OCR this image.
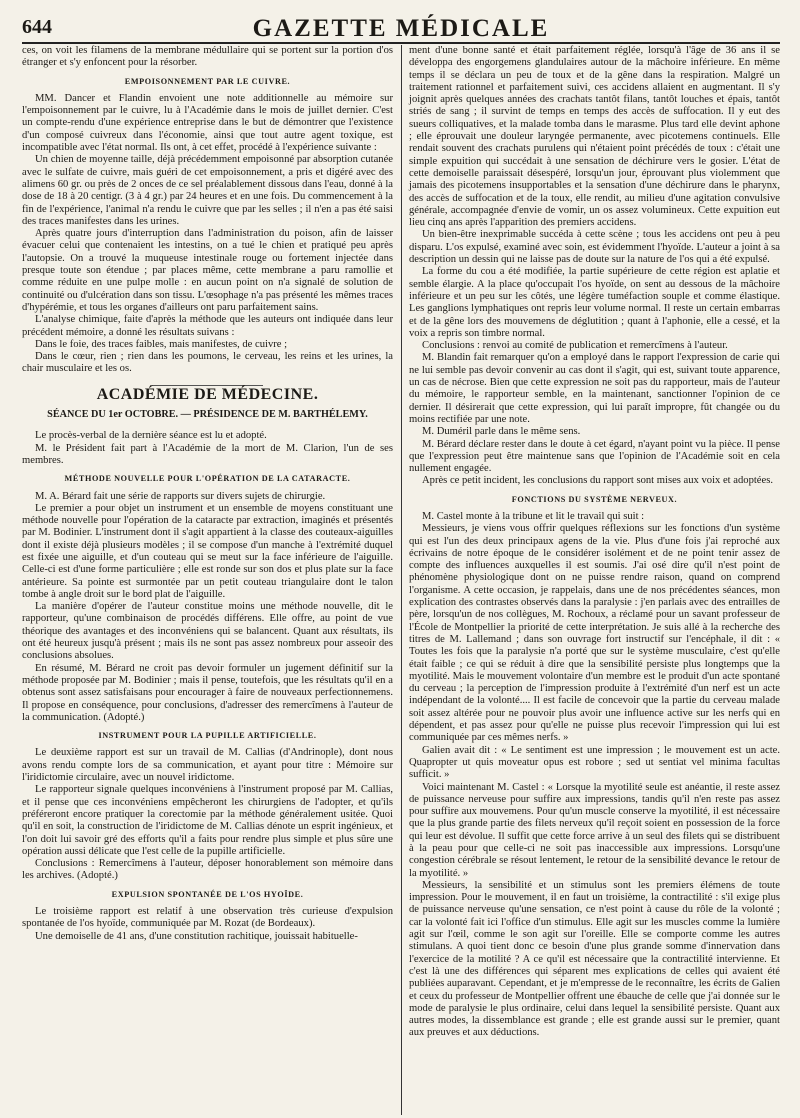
644	GAZETTE MÉDICALE

ces, on voit les filamens de la membrane médullaire qui se portent sur la portion d'os étranger et s'y enfoncent pour la résorber.

EMPOISONNEMENT PAR LE CUIVRE.

MM. Dancer et Flandin envoient une note additionnelle au mémoire sur l'empoisonnement par le cuivre, lu à l'Académie dans le mois de juillet dernier. C'est un compte-rendu d'une expérience entreprise dans le but de démontrer que l'existence d'un composé cuivreux dans l'économie, ainsi que tout autre agent toxique, est incompatible avec l'état normal. Ils ont, à cet effet, procédé à l'expérience suivante :

Un chien de moyenne taille, déjà précédemment empoisonné par absorption cutanée avec le sulfate de cuivre, mais guéri de cet empoisonnement, a pris et digéré avec des alimens 60 gr. ou près de 2 onces de ce sel préalablement dissous dans l'eau, donné à la dose de 18 à 20 centigr. (3 à 4 gr.) par 24 heures et en une fois. Du commencement à la fin de l'expérience, l'animal n'a rendu le cuivre que par les selles ; il n'en a pas été saisi des traces manifestes dans les urines.

Après quatre jours d'interruption dans l'administration du poison, afin de laisser évacuer celui que contenaient les intestins, on a tué le chien et pratiqué peu après l'autopsie. On a trouvé la muqueuse intestinale rouge ou fortement injectée dans presque toute son étendue ; par places même, cette membrane a paru ramollie et comme réduite en une pulpe molle : en aucun point on n'a signalé de solution de continuité ou d'ulcération dans son tissu. L'œsophage n'a pas présenté les mêmes traces d'hypérémie, et tous les organes d'ailleurs ont paru parfaitement sains.

L'analyse chimique, faite d'après la méthode que les auteurs ont indiquée dans leur précédent mémoire, a donné les résultats suivans :

Dans le foie, des traces faibles, mais manifestes, de cuivre ;

Dans le cœur, rien ; rien dans les poumons, le cerveau, les reins et les urines, la chair musculaire et les os.

ACADÉMIE DE MÉDECINE.
SÉANCE DU 1er OCTOBRE. — PRÉSIDENCE DE M. BARTHÉLEMY.

Le procès-verbal de la dernière séance est lu et adopté.

M. le Président fait part à l'Académie de la mort de M. Clarion, l'un de ses membres.

MÉTHODE NOUVELLE POUR L'OPÉRATION DE LA CATARACTE.

M. A. Bérard fait une série de rapports sur divers sujets de chirurgie.

Le premier a pour objet un instrument et un ensemble de moyens constituant une méthode nouvelle pour l'opération de la cataracte par extraction, imaginés et présentés par M. Bodinier. L'instrument dont il s'agit appartient à la classe des couteaux-aiguilles dont il existe déjà plusieurs modèles ; il se compose d'un manche à l'extrémité duquel est fixée une aiguille, et d'un couteau qui se meut sur la face inférieure de l'aiguille. Celle-ci est d'une forme particulière ; elle est ronde sur son dos et plus plate sur la face antérieure. Sa pointe est surmontée par un petit couteau triangulaire dont le talon tombe à angle droit sur le bord plat de l'aiguille.

La manière d'opérer de l'auteur constitue moins une méthode nouvelle, dit le rapporteur, qu'une combinaison de procédés différens. Elle offre, au point de vue théorique des avantages et des inconvéniens qui se balancent. Quant aux résultats, ils ont été heureux jusqu'à présent ; mais ils ne sont pas assez nombreux pour asseoir des conclusions absolues.

En résumé, M. Bérard ne croit pas devoir formuler un jugement définitif sur la méthode proposée par M. Bodinier ; mais il pense, toutefois, que les résultats qu'il en a obtenus sont assez satisfaisans pour encourager à faire de nouveaux perfectionnemens. Il propose en conséquence, pour conclusions, d'adresser des remercîmens à l'auteur de la communication. (Adopté.)

INSTRUMENT POUR LA PUPILLE ARTIFICIELLE.

Le deuxième rapport est sur un travail de M. Callias (d'Andrinople), dont nous avons rendu compte lors de sa communication, et ayant pour titre : Mémoire sur l'iridictomie circulaire, avec un nouvel iridictome.

Le rapporteur signale quelques inconvéniens à l'instrument proposé par M. Callias, et il pense que ces inconvéniens empêcheront les chirurgiens de l'adopter, et qu'ils préféreront encore pratiquer la corectomie par la méthode généralement usitée. Quoi qu'il en soit, la construction de l'iridictome de M. Callias dénote un esprit ingénieux, et l'on doit lui savoir gré des efforts qu'il a faits pour rendre plus simple et plus sûre une opération aussi délicate que l'est celle de la pupille artificielle.

Conclusions : Remercîmens à l'auteur, déposer honorablement son mémoire dans les archives. (Adopté.)

EXPULSION SPONTANÉE DE L'OS HYOÏDE.

Le troisième rapport est relatif à une observation très curieuse d'expulsion spontanée de l'os hyoïde, communiquée par M. Rozat (de Bordeaux).

Une demoiselle de 41 ans, d'une constitution rachitique, jouissait habituelle-

ment d'une bonne santé et était parfaitement réglée, lorsqu'à l'âge de 36 ans il se développa des engorgemens glandulaires autour de la mâchoire inférieure. En même temps il se déclara un peu de toux et de la gêne dans la respiration. Malgré un traitement rationnel et parfaitement suivi, ces accidens allaient en augmentant. Il s'y joignit après quelques années des crachats tantôt filans, tantôt louches et épais, tantôt striés de sang ; il survint de temps en temps des accès de suffocation. Il y eut des sueurs colliquatives, et la malade tomba dans le marasme. Plus tard elle devint aphone ; elle éprouvait une douleur laryngée permanente, avec picotemens continuels. Elle rendait souvent des crachats purulens qui n'étaient point précédés de toux : c'était une simple expuition qui succédait à une sensation de déchirure vers le gosier. L'état de cette demoiselle paraissait désespéré, lorsqu'un jour, éprouvant plus violemment que jamais des picotemens insupportables et la sensation d'une déchirure dans le pharynx, des accès de suffocation et de la toux, elle rendit, au milieu d'une agitation convulsive générale, accompagnée d'envie de vomir, un os assez volumineux. Cette expuition eut lieu cinq ans après l'apparition des premiers accidens.

Un bien-être inexprimable succéda à cette scène ; tous les accidens ont peu à peu disparu. L'os expulsé, examiné avec soin, est évidemment l'hyoïde. L'auteur a joint à sa description un dessin qui ne laisse pas de doute sur la nature de l'os qui a été expulsé.

La forme du cou a été modifiée, la partie supérieure de cette région est aplatie et semble élargie. A la place qu'occupait l'os hyoïde, on sent au dessous de la mâchoire inférieure et un peu sur les côtés, une légère tuméfaction souple et comme élastique. Les ganglions lymphatiques ont repris leur volume normal. Il reste un certain embarras et de la gêne lors des mouvemens de déglutition ; quant à l'aphonie, elle a cessé, et la voix a repris son timbre normal.

Conclusions : renvoi au comité de publication et remercîmens à l'auteur.

M. Blandin fait remarquer qu'on a employé dans le rapport l'expression de carie qui ne lui semble pas devoir convenir au cas dont il s'agit, qui est, suivant toute apparence, un cas de nécrose. Bien que cette expression ne soit pas du rapporteur, mais de l'auteur du mémoire, le rapporteur semble, en la maintenant, sanctionner l'opinion de ce dernier. Il désirerait que cette expression, qui lui paraît impropre, fût changée ou du moins rectifiée par une note.

M. Duméril parle dans le même sens.

M. Bérard déclare rester dans le doute à cet égard, n'ayant point vu la pièce. Il pense que l'expression peut être maintenue sans que l'opinion de l'Académie soit en cela nullement engagée.

Après ce petit incident, les conclusions du rapport sont mises aux voix et adoptées.

FONCTIONS DU SYSTÈME NERVEUX.

M. Castel monte à la tribune et lit le travail qui suit :

Messieurs, je viens vous offrir quelques réflexions sur les fonctions d'un système qui est l'un des deux principaux agens de la vie. Plus d'une fois j'ai reproché aux écrivains de notre époque de le considérer isolément et de ne point tenir assez de compte des influences auxquelles il est soumis. J'ai osé dire qu'il n'est point de phénomène physiologique dont on ne puisse rendre raison, quand on comprend l'organisme. A cette occasion, je rappelais, dans une de nos précédentes séances, mon explication des contrastes observés dans la paralysie : j'en parlais avec des entrailles de père, lorsqu'un de nos collègues, M. Rochoux, a réclamé pour un savant professeur de l'École de Montpellier la priorité de cette interprétation. Je suis allé à la recherche des titres de M. Lallemand ; dans son ouvrage fort instructif sur l'encéphale, il dit : « Toutes les fois que la paralysie n'a porté que sur le système musculaire, c'est qu'elle était faible ; ce qui se réduit à dire que la sensibilité persiste plus longtemps que la myotilité. Mais le mouvement volontaire d'un membre est le produit d'un acte spontané du cerveau ; la perception de l'impression produite à l'extrémité d'un nerf est un acte indépendant de la volonté.... Il est facile de concevoir que la partie du cerveau malade soit assez altérée pour ne pouvoir plus avoir une influence active sur les nerfs qui en dépendent, et pas assez pour qu'elle ne puisse plus recevoir l'impression qui lui est communiquée par ces mêmes nerfs. »

Galien avait dit : « Le sentiment est une impression ; le mouvement est un acte. Quapropter ut quis moveatur opus est robore ; sed ut sentiat vel minima facultas sufficit. »

Voici maintenant M. Castel : « Lorsque la myotilité seule est anéantie, il reste assez de puissance nerveuse pour suffire aux impressions, tandis qu'il n'en reste pas assez pour suffire aux mouvemens. Pour qu'un muscle conserve la myotilité, il est nécessaire que la plus grande partie des filets nerveux qu'il reçoit soient en possession de la force qui leur est dévolue. Il suffit que cette force arrive à un seul des filets qui se distribuent à la peau pour que celle-ci ne soit pas inaccessible aux impressions. Lorsqu'une congestion cérébrale se résout lentement, le retour de la sensibilité devance le retour de la myotilité. »

Messieurs, la sensibilité et un stimulus sont les premiers élémens de toute impression. Pour le mouvement, il en faut un troisième, la contractilité : s'il exige plus de puissance nerveuse qu'une sensation, ce n'est point à cause du rôle de la volonté ; car la volonté fait ici l'office d'un stimulus. Elle agit sur les muscles comme la lumière agit sur l'œil, comme le son agit sur l'oreille. Elle se comporte comme les autres stimulans. A quoi tient donc ce besoin d'une plus grande somme d'innervation dans l'exercice de la motilité ? A ce qu'il est nécessaire que la contractilité intervienne. Et c'est là une des différences qui séparent mes explications de celles qui avaient été publiées auparavant. Cependant, et je m'empresse de le reconnaître, les écrits de Galien et ceux du professeur de Montpellier offrent une ébauche de celle que j'ai donnée sur le mode de paralysie le plus ordinaire, celui dans lequel la sensibilité persiste. Quant aux autres modes, la dissemblance est grande ; elle est grande aussi sur le premier, quant aux preuves et aux déductions.
